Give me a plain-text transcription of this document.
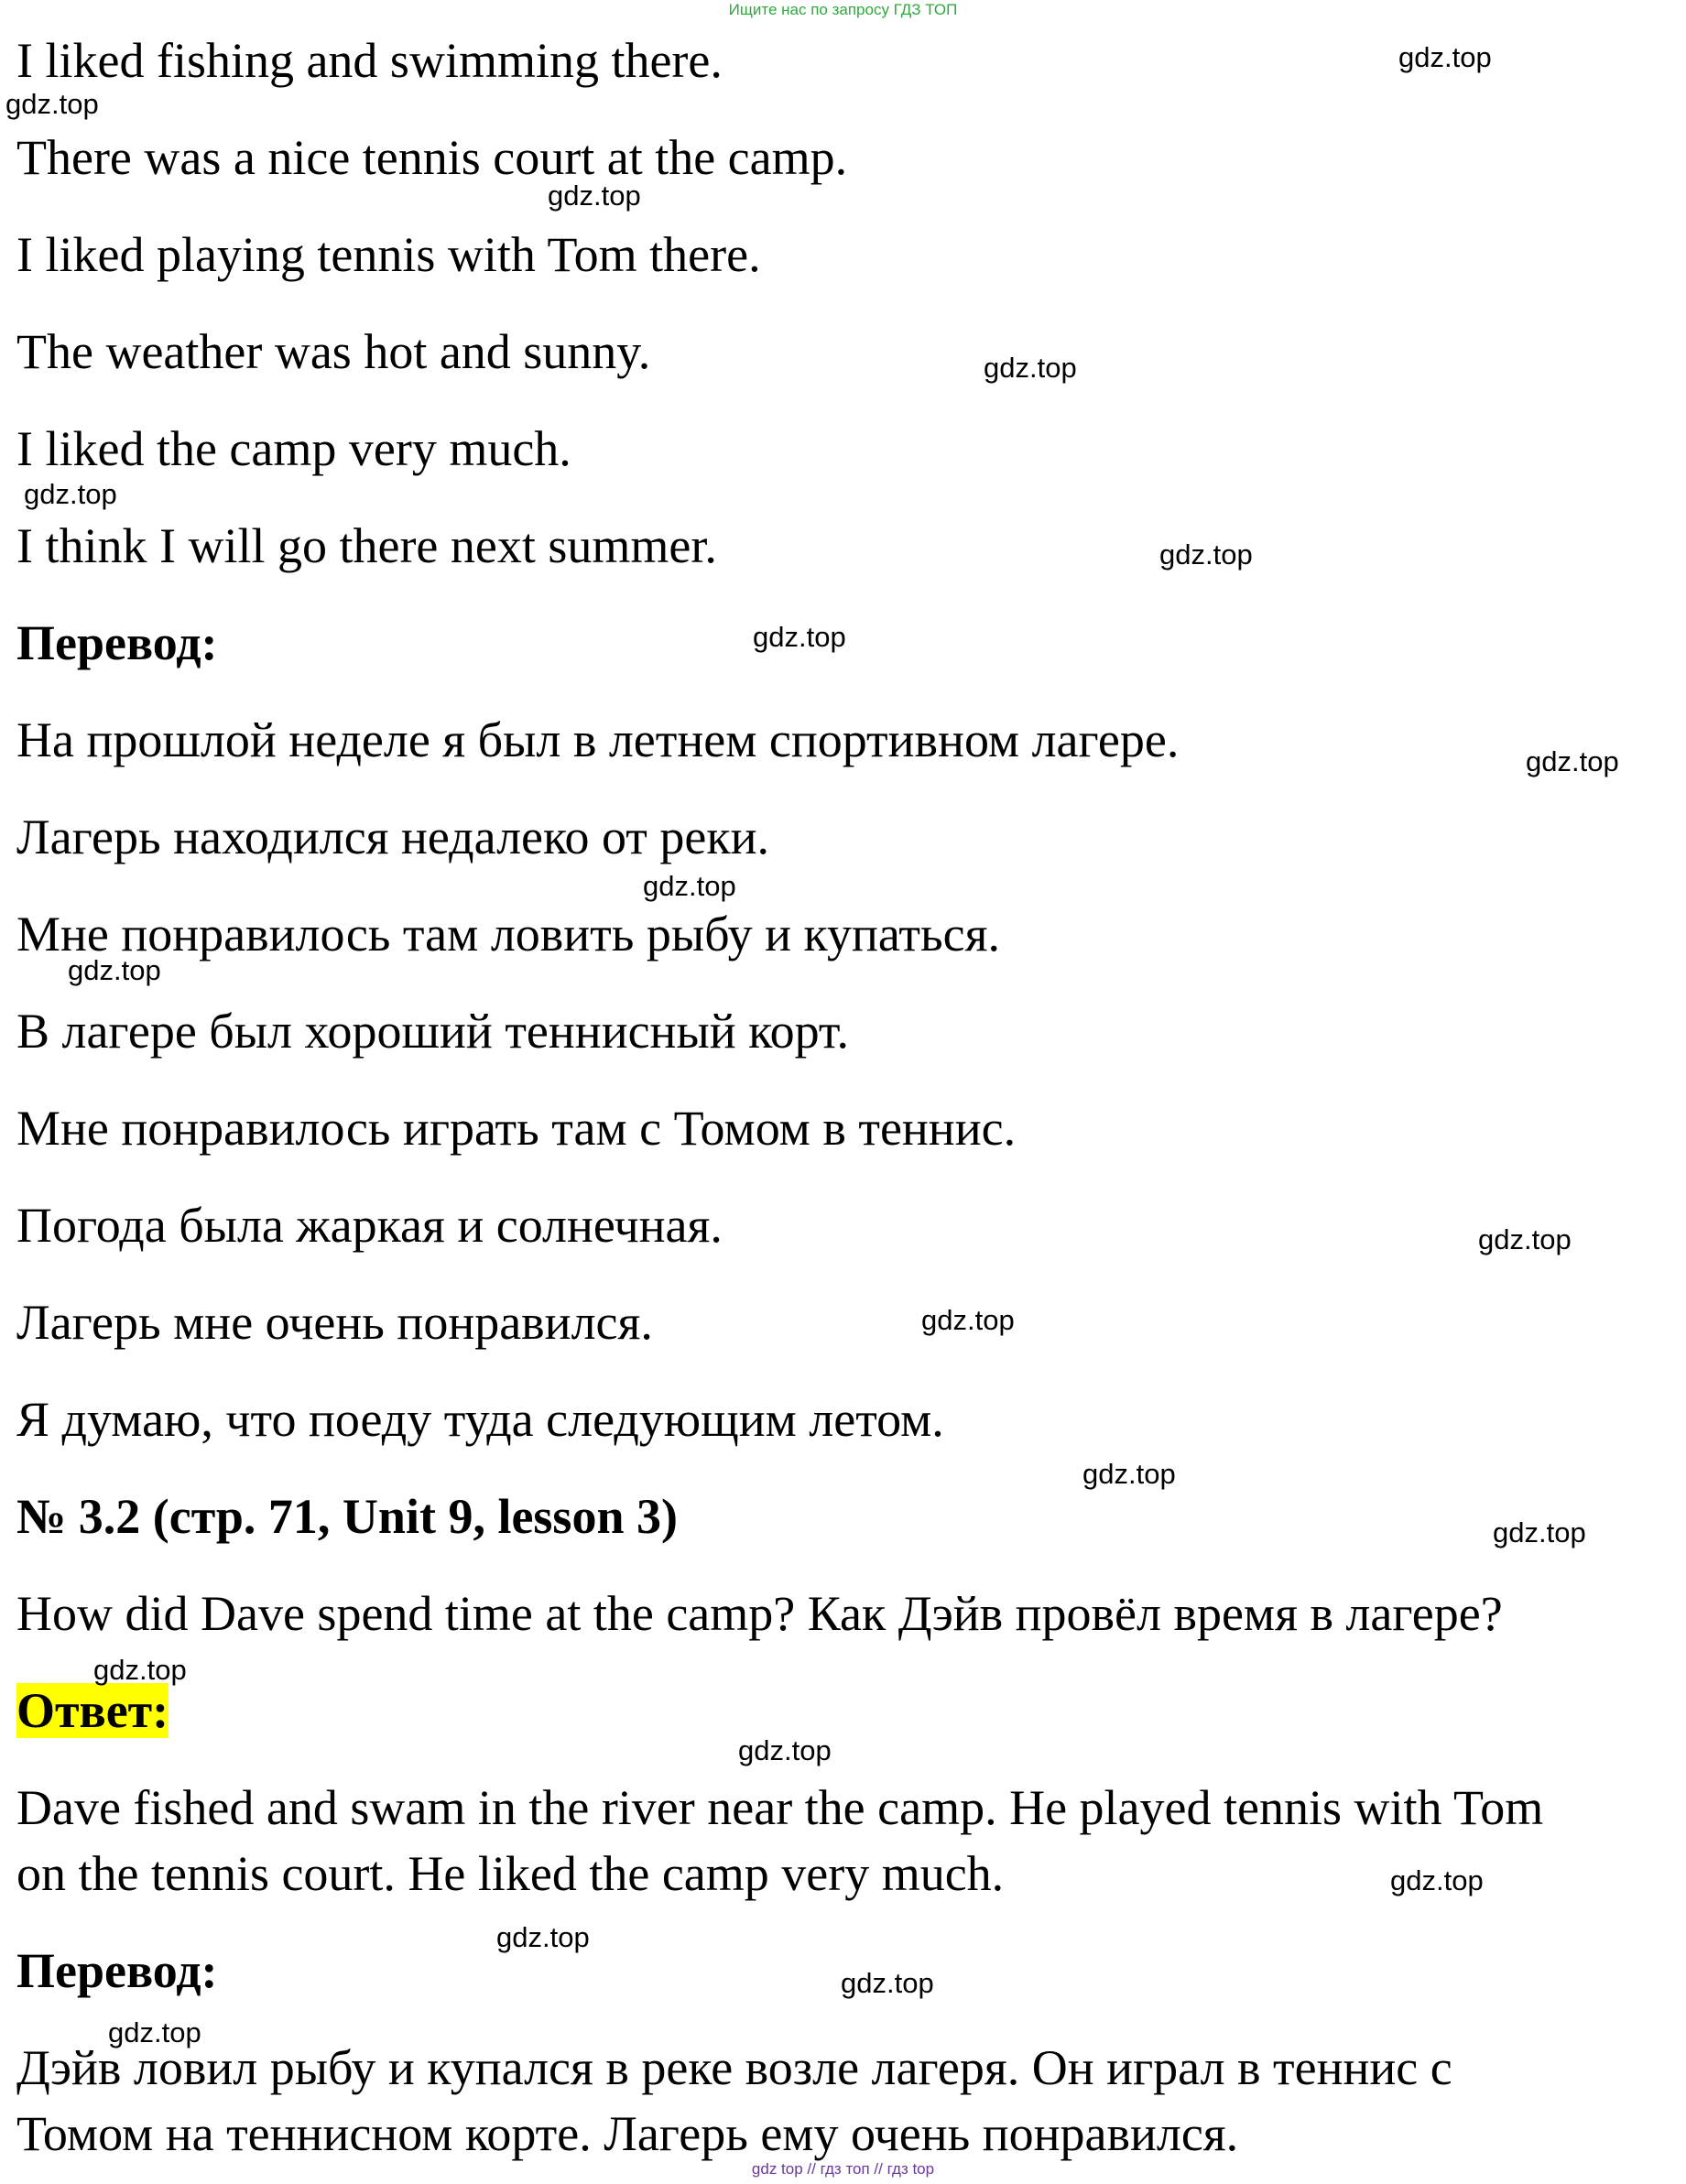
Ищите нас по запросу ГДЗ ТОП
I liked fishing and swimming there.
There was a nice tennis court at the camp.
I liked playing tennis with Tom there.
The weather was hot and sunny.
I liked the camp very much.
I think I will go there next summer.
Перевод:
На прошлой неделе я был в летнем спортивном лагере.
Лагерь находился недалеко от реки.
Мне понравилось там ловить рыбу и купаться.
В лагере был хороший теннисный корт.
Мне понравилось играть там с Томом в теннис.
Погода была жаркая и солнечная.
Лагерь мне очень понравился.
Я думаю, что поеду туда следующим летом.
№ 3.2 (стр. 71, Unit 9, lesson 3)
How did Dave spend time at the camp? Как Дэйв провёл время в лагере?
Ответ:
Dave fished and swam in the river near the camp. He played tennis with Tom
on the tennis court. He liked the camp very much.
Перевод:
Дэйв ловил рыбу и купался в реке возле лагеря. Он играл в теннис с
Томом на теннисном корте. Лагерь ему очень понравился.
gdz.top
gdz.top
gdz.top
gdz.top
gdz.top
gdz.top
gdz.top
gdz.top
gdz.top
gdz.top
gdz.top
gdz.top
gdz.top
gdz.top
gdz.top
gdz.top
gdz.top
gdz.top
gdz.top
gdz.top
gdz top // гдз топ // гдз top
